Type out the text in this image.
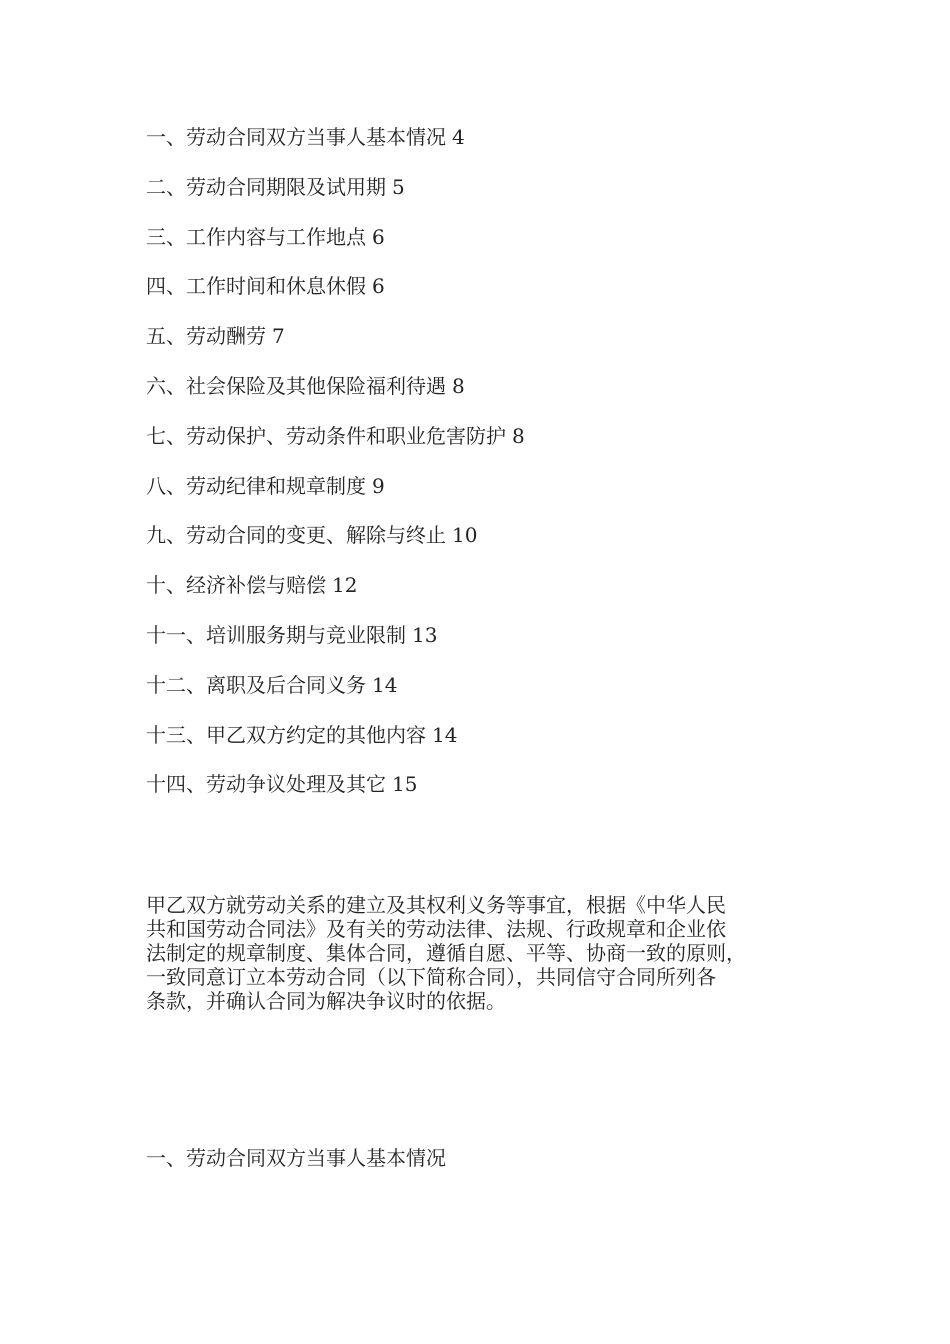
一、劳动合同双方当事人基本情况 4
二、劳动合同期限及试用期 5
三、工作内容与工作地点 6
四、工作时间和休息休假 6
五、劳动酬劳 7
六、社会保险及其他保险福利待遇 8
七、劳动保护、劳动条件和职业危害防护 8
八、劳动纪律和规章制度 9
九、劳动合同的变更、解除与终止 10
十、经济补偿与赔偿 12
十一、培训服务期与竞业限制 13
十二、离职及后合同义务 14
十三、甲乙双方约定的其他内容 14
十四、劳动争议处理及其它 15

甲乙双方就劳动关系的建立及其权利义务等事宜，根据《中华人民
共和国劳动合同法》及有关的劳动法律、法规、行政规章和企业依
法制定的规章制度、集体合同，遵循自愿、平等、协商一致的原则，
一致同意订立本劳动合同（以下简称合同），共同信守合同所列各
条款，并确认合同为解决争议时的依据。

一、劳动合同双方当事人基本情况
